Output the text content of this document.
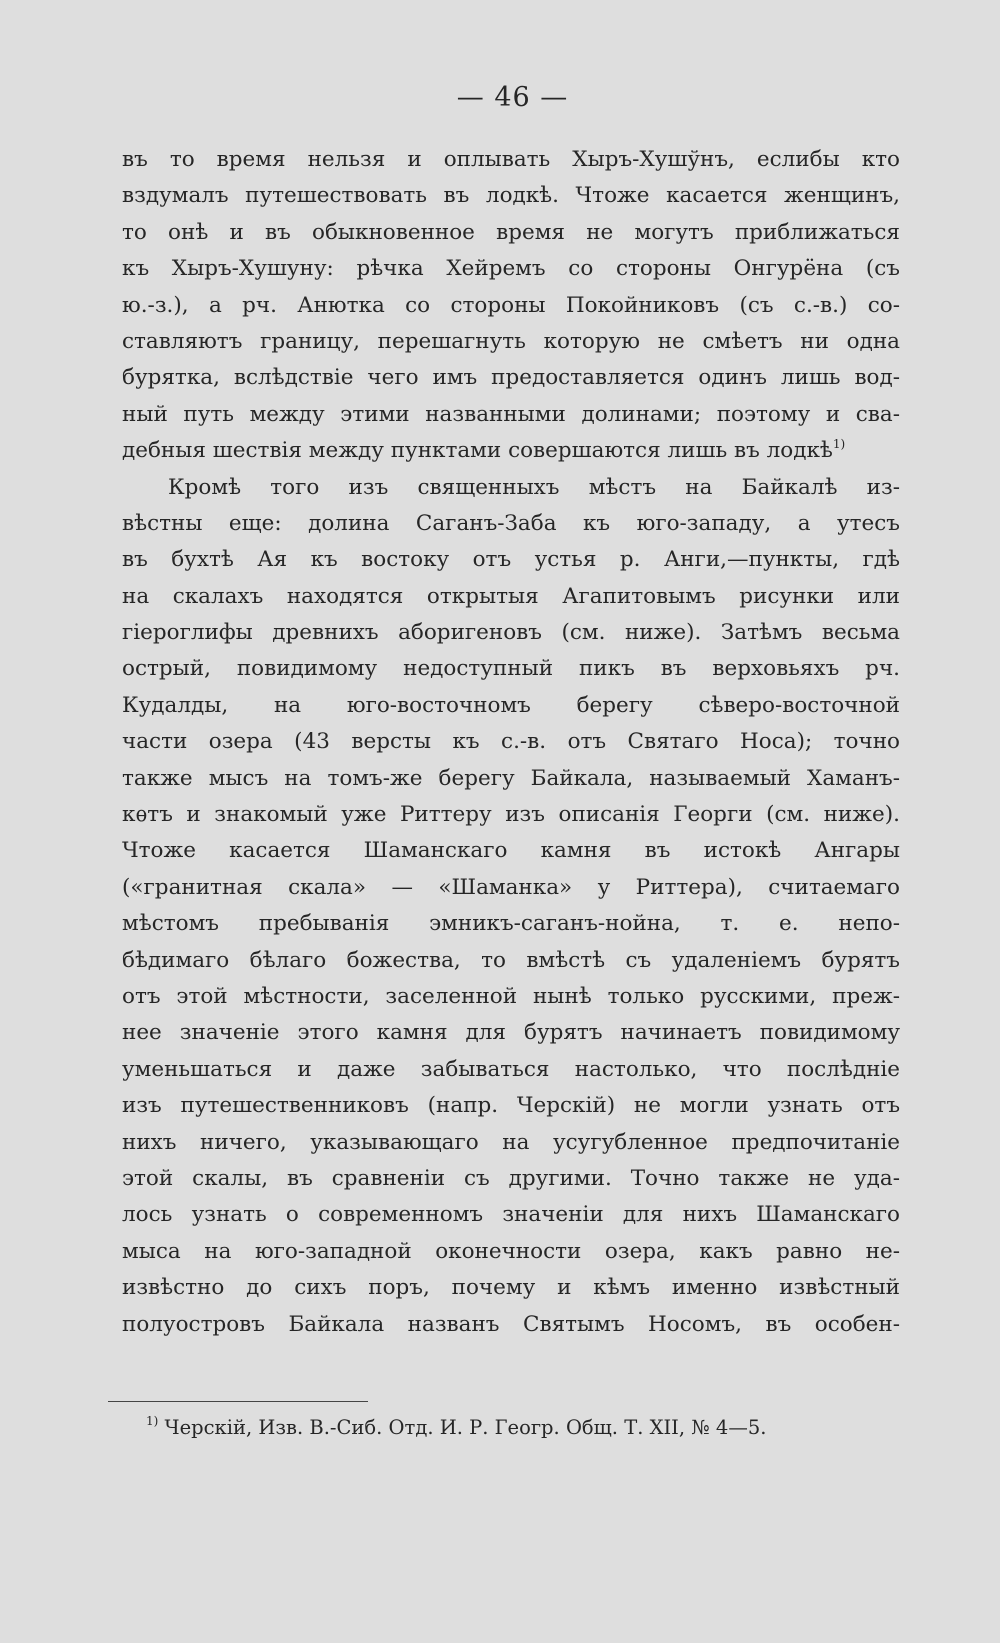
— 46 —
въ то время нельзя и оплывать Хыръ-Хушўнъ, еслибы кто
вздумалъ путешествовать въ лодкѣ. Чтоже касается женщинъ,
то онѣ и въ обыкновенное время не могутъ приближаться
къ Хыръ-Хушуну: рѣчка Хейремъ со стороны Онгурёна (съ
ю.-з.), а рч. Анютка со стороны Покойниковъ (съ с.-в.) со-
ставляютъ границу, перешагнуть которую не смѣетъ ни одна
бурятка, вслѣдствіе чего имъ предоставляется одинъ лишь вод-
ный путь между этими названными долинами; поэтому и сва-
дебныя шествія между пунктами совершаются лишь въ лодкѣ$^{1)}$
Кромѣ того изъ священныхъ мѣстъ на Байкалѣ из-
вѣстны еще: долина Саганъ-Заба къ юго-западу, а утесъ
въ бухтѣ Ая къ востоку отъ устья р. Анги,—пункты, гдѣ
на скалахъ находятся открытыя Агапитовымъ рисунки или
гіероглифы древнихъ аборигеновъ (см. ниже). Затѣмъ весьма
острый, повидимому недоступный пикъ въ верховьяхъ рч.
Кудалды, на юго-восточномъ берегу сѣверо-восточной
части озера (43 версты къ с.-в. отъ Святаго Носа); точно
также мысъ на томъ-же берегу Байкала, называемый Хаманъ-
кѳтъ и знакомый уже Риттеру изъ описанія Георги (см. ниже).
Чтоже касается Шаманскаго камня въ истокѣ Ангары
(«гранитная скала» — «Шаманка» у Риттера), считаемаго
мѣстомъ пребыванія эмникъ-саганъ-нойна, т. е. непо-
бѣдимаго бѣлаго божества, то вмѣстѣ съ удаленіемъ бурятъ
отъ этой мѣстности, заселенной нынѣ только русскими, преж-
нее значеніе этого камня для бурятъ начинаетъ повидимому
уменьшаться и даже забываться настолько, что послѣдніе
изъ путешественниковъ (напр. Черскій) не могли узнать отъ
нихъ ничего, указывающаго на усугубленное предпочитаніе
этой скалы, въ сравненіи съ другими. Точно также не уда-
лось узнать о современномъ значеніи для нихъ Шаманскаго
мыса на юго-западной оконечности озера, какъ равно не-
извѣстно до сихъ поръ, почему и кѣмъ именно извѣстный
полуостровъ Байкала названъ Святымъ Носомъ, въ особен-
$^{1)}$ Черскій, Изв. В.-Сиб. Отд. И. Р. Геогр. Общ. Т. XII, № 4—5.
